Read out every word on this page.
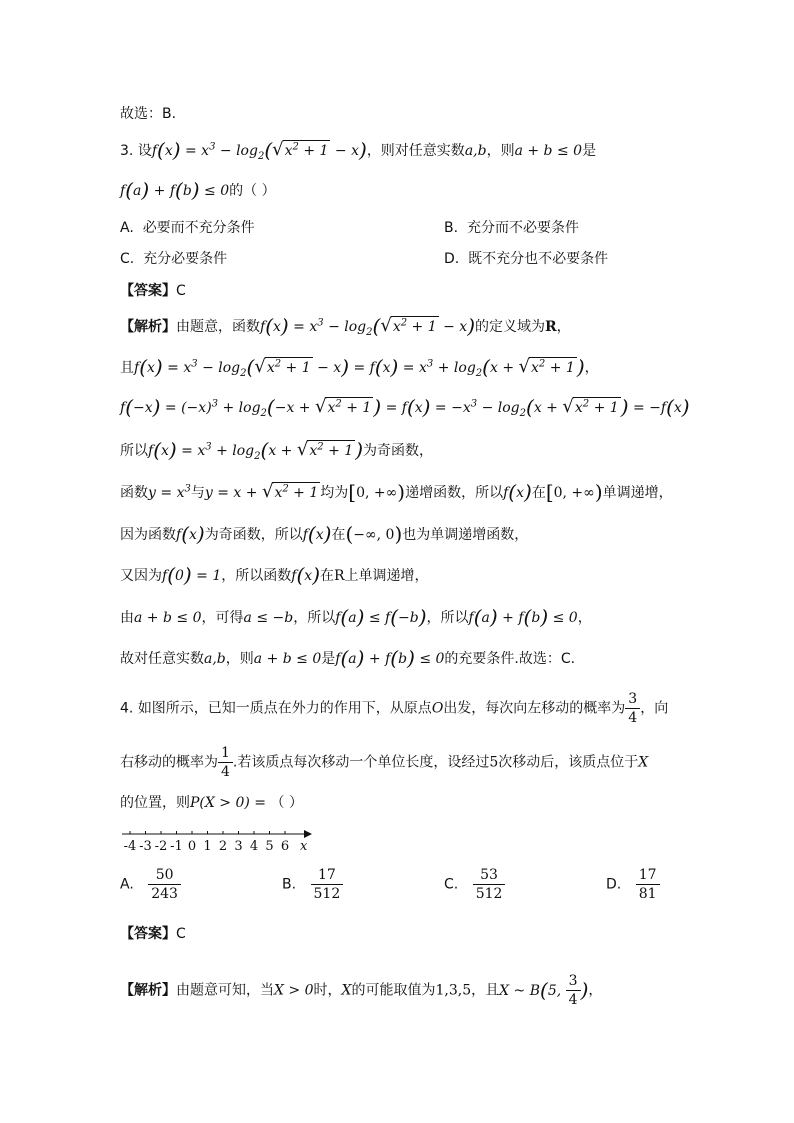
故选：B.
3. 设$f(x) = x^3 - \log_2(√x^2 + 1 - x)$，则对任意实数a,b，则a + b ≤ 0是
f(a) + f(b) ≤ 0的（ ）
A. 必要而不充分条件	B. 充分而不必要条件
C. 充分必要条件	D. 既不充分也不必要条件
【答案】C
【解析】由题意，函数$f(x) = x^3 - \log_2(√x^2 + 1 - x)$的定义域为R，
且$f(x) = x^3 - \log_2(√x^2 + 1 - x) = f(x) = x^3 + \log_2(x + √x^2 + 1$ )，
$f(-x) = (-x)^3 + \log_2(-x + √x^2 + 1$ ) = $f(x) = -x^3 - \log_2(x + √x^2 + 1$ ) = −f(x)
所以$f(x) = x^3 + \log_2(x + √x^2 + 1$ )为奇函数，
函数$y = x^3$与$y = x + √x^2 + 1$ 均为[0, +∞)递增函数，所以f(x)在[0, +∞)单调递增，
因为函数f(x)为奇函数，所以f(x)在(−∞, 0)也为单调递增函数，
又因为f(0) = 1，所以函数f(x)在R上单调递增，
由a + b ≤ 0，可得a ≤ −b，所以f(a) ≤ f(−b)，所以f(a) + f(b) ≤ 0，
故对任意实数a,b，则a + b ≤ 0是f(a) + f(b) ≤ 0的充要条件.故选：C.
4. 如图所示，已知一质点在外力的作用下，从原点O出发，每次向左移动的概率为 $\frac{3}{4}$ ，向
右移动的概率为 $\frac{1}{4}$ .若该质点每次移动一个单位长度，设经过5次移动后，该质点位于X
的位置，则P(X > 0) = （ ）
-4 -3 -2 -1 0 1 2 3 4 5 6 x
A. $\frac{50}{243}$	B. $\frac{17}{512}$	C. $\frac{53}{512}$	D. $\frac{17}{81}$
【答案】C
【解析】由题意可知，当X > 0时，X的可能取值为1,3,5，且X ~ B(5, $\frac{3}{4}$ )，
